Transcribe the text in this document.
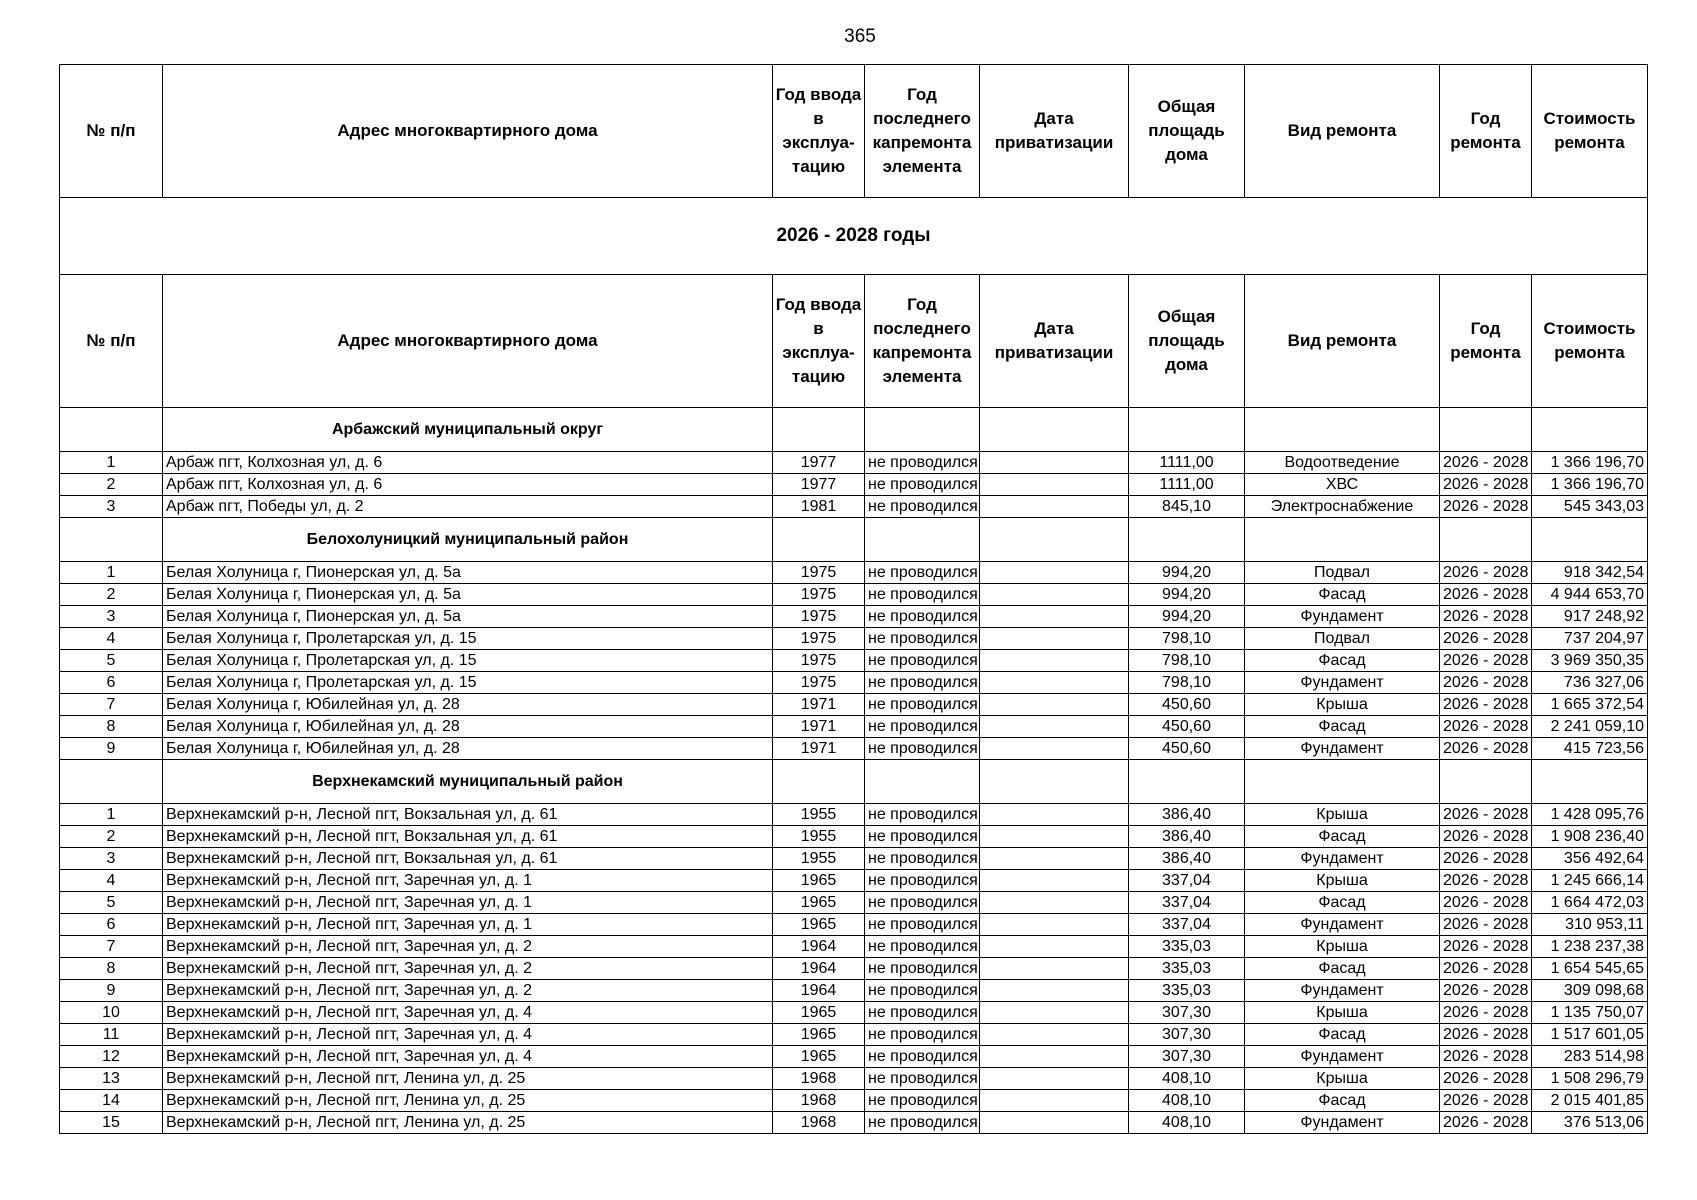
365
№ п/п	Адрес многоквартирного дома	Год ввода в эксплуа-тацию	Год последнего капремонта элемента	Дата приватизации	Общая площадь дома	Вид ремонта	Год ремонта	Стоимость ремонта
2026 - 2028 годы								
№ п/п	Адрес многоквартирного дома	Год ввода в эксплуа-тацию	Год последнего капремонта элемента	Дата приватизации	Общая площадь дома	Вид ремонта	Год ремонта	Стоимость ремонта
	Арбажский муниципальный округ							
1	Арбаж пгт, Колхозная ул, д. 6	1977	не проводился		1111,00	Водоотведение	2026 - 2028	1 366 196,70
2	Арбаж пгт, Колхозная ул, д. 6	1977	не проводился		1111,00	ХВС	2026 - 2028	1 366 196,70
3	Арбаж пгт, Победы ул, д. 2	1981	не проводился		845,10	Электроснабжение	2026 - 2028	545 343,03
	Белохолуницкий муниципальный район							
1	Белая Холуница г, Пионерская ул, д. 5а	1975	не проводился		994,20	Подвал	2026 - 2028	918 342,54
2	Белая Холуница г, Пионерская ул, д. 5а	1975	не проводился		994,20	Фасад	2026 - 2028	4 944 653,70
3	Белая Холуница г, Пионерская ул, д. 5а	1975	не проводился		994,20	Фундамент	2026 - 2028	917 248,92
4	Белая Холуница г, Пролетарская ул, д. 15	1975	не проводился		798,10	Подвал	2026 - 2028	737 204,97
5	Белая Холуница г, Пролетарская ул, д. 15	1975	не проводился		798,10	Фасад	2026 - 2028	3 969 350,35
6	Белая Холуница г, Пролетарская ул, д. 15	1975	не проводился		798,10	Фундамент	2026 - 2028	736 327,06
7	Белая Холуница г, Юбилейная ул, д. 28	1971	не проводился		450,60	Крыша	2026 - 2028	1 665 372,54
8	Белая Холуница г, Юбилейная ул, д. 28	1971	не проводился		450,60	Фасад	2026 - 2028	2 241 059,10
9	Белая Холуница г, Юбилейная ул, д. 28	1971	не проводился		450,60	Фундамент	2026 - 2028	415 723,56
	Верхнекамский муниципальный район							
1	Верхнекамский р-н, Лесной пгт, Вокзальная ул, д. 61	1955	не проводился		386,40	Крыша	2026 - 2028	1 428 095,76
2	Верхнекамский р-н, Лесной пгт, Вокзальная ул, д. 61	1955	не проводился		386,40	Фасад	2026 - 2028	1 908 236,40
3	Верхнекамский р-н, Лесной пгт, Вокзальная ул, д. 61	1955	не проводился		386,40	Фундамент	2026 - 2028	356 492,64
4	Верхнекамский р-н, Лесной пгт, Заречная ул, д. 1	1965	не проводился		337,04	Крыша	2026 - 2028	1 245 666,14
5	Верхнекамский р-н, Лесной пгт, Заречная ул, д. 1	1965	не проводился		337,04	Фасад	2026 - 2028	1 664 472,03
6	Верхнекамский р-н, Лесной пгт, Заречная ул, д. 1	1965	не проводился		337,04	Фундамент	2026 - 2028	310 953,11
7	Верхнекамский р-н, Лесной пгт, Заречная ул, д. 2	1964	не проводился		335,03	Крыша	2026 - 2028	1 238 237,38
8	Верхнекамский р-н, Лесной пгт, Заречная ул, д. 2	1964	не проводился		335,03	Фасад	2026 - 2028	1 654 545,65
9	Верхнекамский р-н, Лесной пгт, Заречная ул, д. 2	1964	не проводился		335,03	Фундамент	2026 - 2028	309 098,68
10	Верхнекамский р-н, Лесной пгт, Заречная ул, д. 4	1965	не проводился		307,30	Крыша	2026 - 2028	1 135 750,07
11	Верхнекамский р-н, Лесной пгт, Заречная ул, д. 4	1965	не проводился		307,30	Фасад	2026 - 2028	1 517 601,05
12	Верхнекамский р-н, Лесной пгт, Заречная ул, д. 4	1965	не проводился		307,30	Фундамент	2026 - 2028	283 514,98
13	Верхнекамский р-н, Лесной пгт, Ленина ул, д. 25	1968	не проводился		408,10	Крыша	2026 - 2028	1 508 296,79
14	Верхнекамский р-н, Лесной пгт, Ленина ул, д. 25	1968	не проводился		408,10	Фасад	2026 - 2028	2 015 401,85
15	Верхнекамский р-н, Лесной пгт, Ленина ул, д. 25	1968	не проводился		408,10	Фундамент	2026 - 2028	376 513,06
